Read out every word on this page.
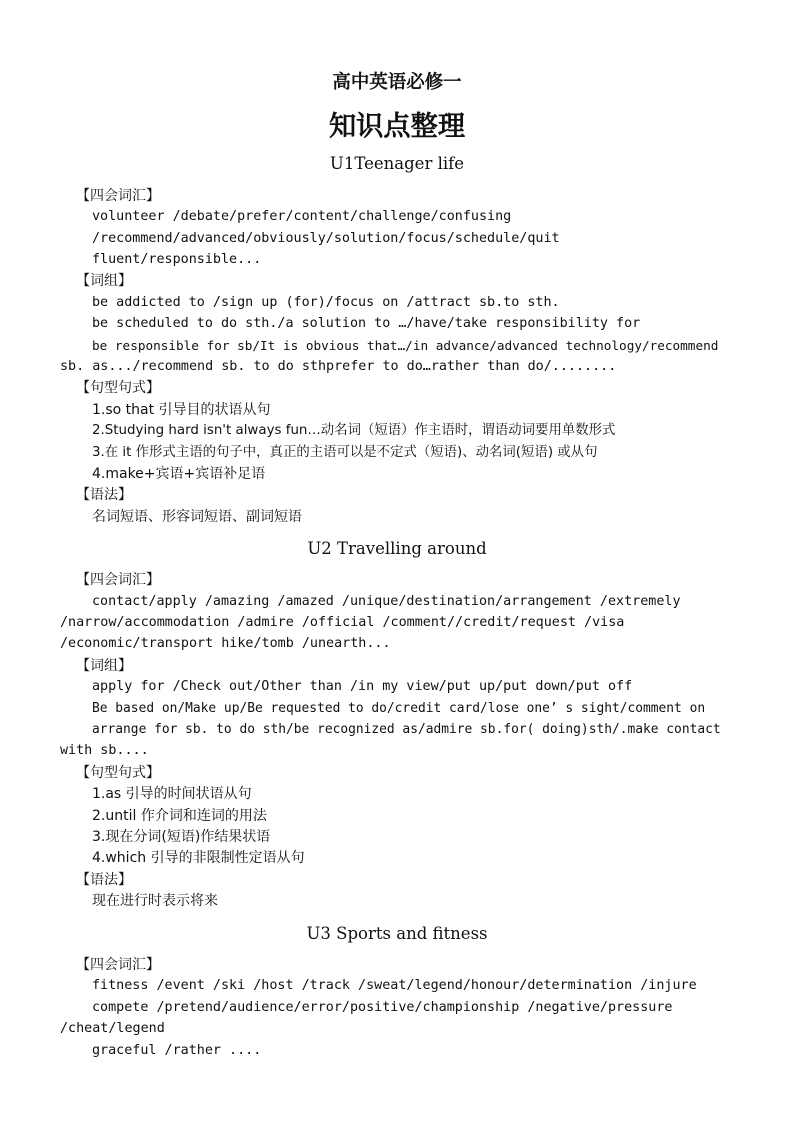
高中英语必修一
知识点整理
U1Teenager life
【四会词汇】
volunteer /debate/prefer/content/challenge/confusing
/recommend/advanced/obviously/solution/focus/schedule/quit
fluent/responsible...
【词组】
be addicted to /sign up (for)/focus on /attract sb.to sth.
be scheduled to do sth./a solution to …/have/take responsibility for
be responsible for sb/It is obvious that…/in advance/advanced technology/recommend
sb. as.../recommend sb. to do sthprefer to do…rather than do/........
【句型句式】
1.so that 引导目的状语从句
2.Studying hard isn't always fun…动名词（短语）作主语时，谓语动词要用单数形式
3.在 it 作形式主语的句子中，真正的主语可以是不定式（短语)、动名词(短语) 或从句
4.make+宾语+宾语补足语
【语法】
名词短语、形容词短语、副词短语
U2 Travelling around
【四会词汇】
contact/apply /amazing /amazed /unique/destination/arrangement /extremely
/narrow/accommodation /admire /official /comment//credit/request /visa
/economic/transport hike/tomb /unearth...
【词组】
apply for /Check out/Other than /in my view/put up/put down/put off
Be based on/Make up/Be requested to do/credit card/lose one’ s sight/comment on
arrange for sb. to do sth/be recognized as/admire sb.for( doing)sth/.make contact
with sb....
【句型句式】
1.as 引导的时间状语从句
2.until 作介词和连词的用法
3.现在分词(短语)作结果状语
4.which 引导的非限制性定语从句
【语法】
现在进行时表示将来
U3 Sports and fitness
【四会词汇】
fitness /event /ski /host /track /sweat/legend/honour/determination /injure
compete /pretend/audience/error/positive/championship /negative/pressure
/cheat/legend
graceful /rather ....
